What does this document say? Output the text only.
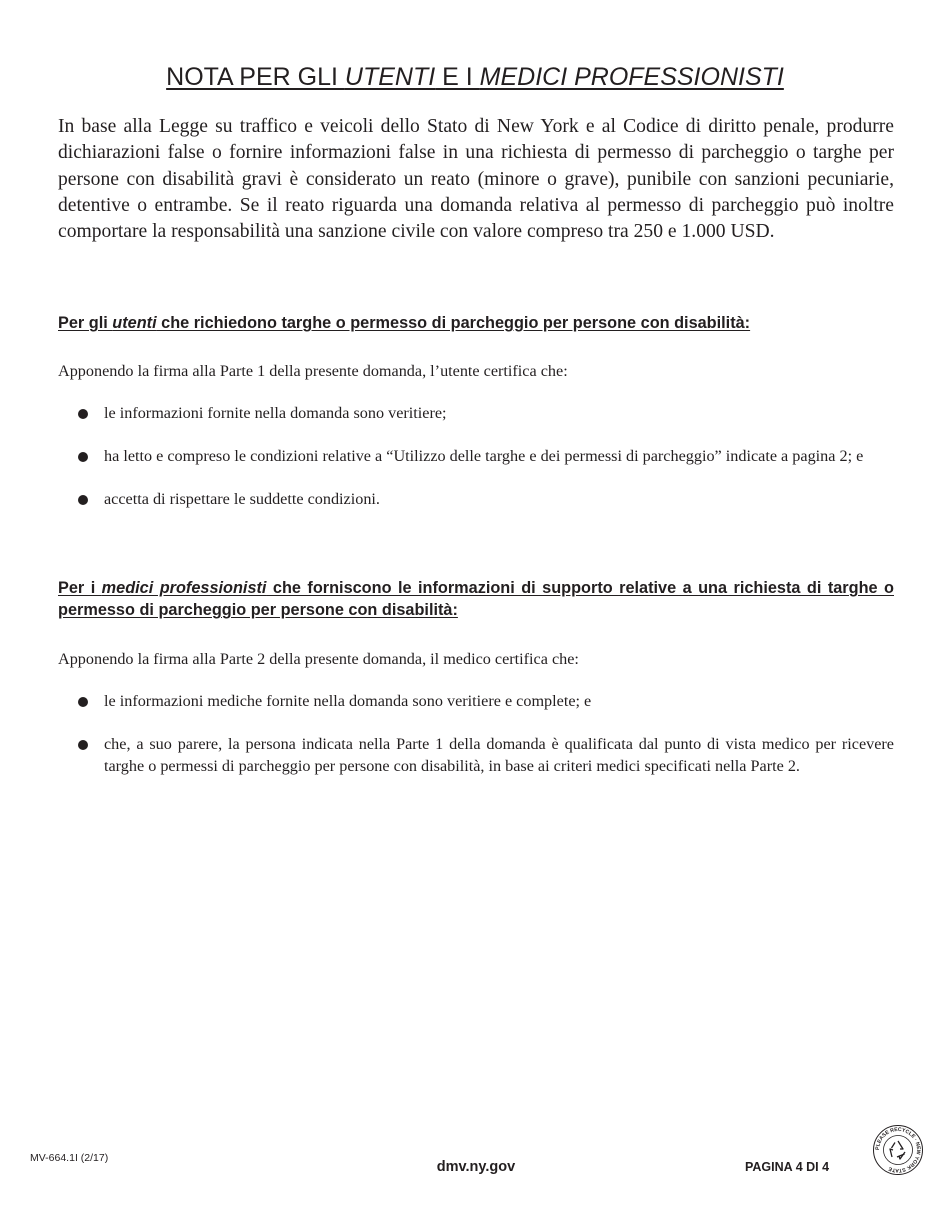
NOTA PER GLI UTENTI E I MEDICI PROFESSIONISTI

In base alla Legge su traffico e veicoli dello Stato di New York e al Codice di diritto penale, produrre dichiarazioni false o fornire informazioni false in una richiesta di permesso di parcheggio o targhe per persone con disabilità gravi è considerato un reato (minore o grave), punibile con sanzioni pecuniarie, detentive o entrambe. Se il reato riguarda una domanda relativa al permesso di parcheggio può inoltre comportare la responsabilità una sanzione civile con valore compreso tra 250 e 1.000 USD.

Per gli utenti che richiedono targhe o permesso di parcheggio per persone con disabilità:

Apponendo la firma alla Parte 1 della presente domanda, l’utente certifica che:

le informazioni fornite nella domanda sono veritiere;
ha letto e compreso le condizioni relative a “Utilizzo delle targhe e dei permessi di parcheggio” indicate a pagina 2; e
accetta di rispettare le suddette condizioni.

Per i medici professionisti che forniscono le informazioni di supporto relative a una richiesta di targhe o permesso di parcheggio per persone con disabilità:

Apponendo la firma alla Parte 2 della presente domanda, il medico certifica che:

le informazioni mediche fornite nella domanda sono veritiere e complete; e
che, a suo parere, la persona indicata nella Parte 1 della domanda è qualificata dal punto di vista medico per ricevere targhe o permessi di parcheggio per persone con disabilità, in base ai criteri medici specificati nella Parte 2.

MV-664.1I (2/17)

dmv.ny.gov	PAGINA 4 DI 4

PLEASE RECYCLE · NEW YORK STATE
